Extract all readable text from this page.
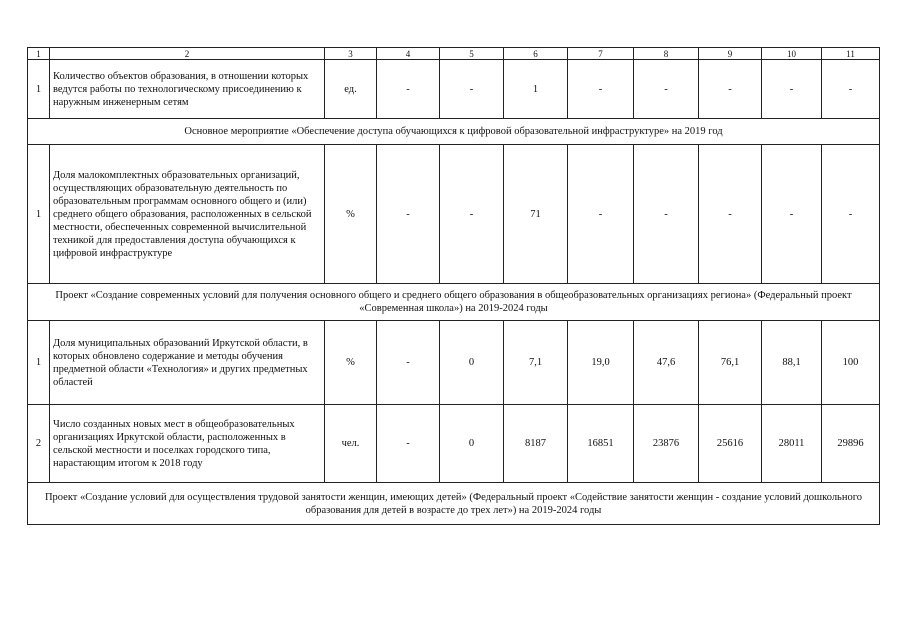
1	2	3	4	5	6	7	8	9	10	11
1	Количество объектов образования, в отношении которых ведутся работы по технологическому присоединению к наружным инженерным сетям	ед.	-	-	1	-	-	-	-	-
Основное мероприятие «Обеспечение доступа обучающихся к цифровой образовательной инфраструктуре» на 2019 год										
1	Доля малокомплектных образовательных организаций, осуществляющих образовательную деятельность по образовательным программам основного общего и (или) среднего общего образования, расположенных в сельской местности, обеспеченных современной вычислительной техникой для предоставления доступа обучающихся к цифровой инфраструктуре	%	-	-	71	-	-	-	-	-
Проект «Создание современных условий для получения основного общего и среднего общего образования в общеобразовательных организациях региона» (Федеральный проект «Современная школа») на 2019-2024 годы										
1	Доля муниципальных образований Иркутской области, в которых обновлено содержание и методы обучения предметной области «Технология» и других предметных областей	%	-	0	7,1	19,0	47,6	76,1	88,1	100
2	Число созданных новых мест в общеобразовательных организациях Иркутской области, расположенных в сельской местности и поселках городского типа, нарастающим итогом к 2018 году	чел.	-	0	8187	16851	23876	25616	28011	29896
Проект «Создание условий для осуществления трудовой занятости женщин, имеющих детей» (Федеральный проект «Содействие занятости женщин - создание условий дошкольного образования для детей в возрасте до трех лет») на 2019-2024 годы										
